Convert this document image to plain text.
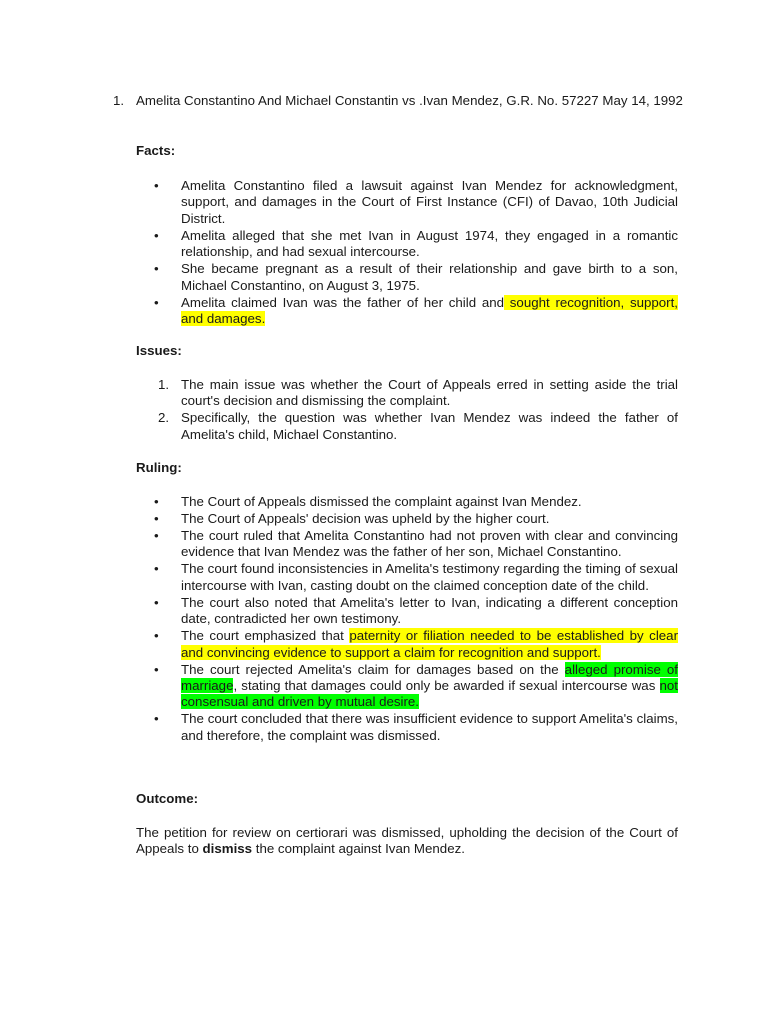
1. Amelita Constantino And Michael Constantin vs .Ivan Mendez, G.R. No. 57227 May 14, 1992
Facts:
• Amelita Constantino filed a lawsuit against Ivan Mendez for acknowledgment, support, and damages in the Court of First Instance (CFI) of Davao, 10th Judicial District.
• Amelita alleged that she met Ivan in August 1974, they engaged in a romantic relationship, and had sexual intercourse.
• She became pregnant as a result of their relationship and gave birth to a son, Michael Constantino, on August 3, 1975.
• Amelita claimed Ivan was the father of her child and sought recognition, support, and damages.
Issues:
1. The main issue was whether the Court of Appeals erred in setting aside the trial court's decision and dismissing the complaint.
2. Specifically, the question was whether Ivan Mendez was indeed the father of Amelita's child, Michael Constantino.
Ruling:
• The Court of Appeals dismissed the complaint against Ivan Mendez.
• The Court of Appeals' decision was upheld by the higher court.
• The court ruled that Amelita Constantino had not proven with clear and convincing evidence that Ivan Mendez was the father of her son, Michael Constantino.
• The court found inconsistencies in Amelita's testimony regarding the timing of sexual intercourse with Ivan, casting doubt on the claimed conception date of the child.
• The court also noted that Amelita's letter to Ivan, indicating a different conception date, contradicted her own testimony.
• The court emphasized that paternity or filiation needed to be established by clear and convincing evidence to support a claim for recognition and support.
• The court rejected Amelita's claim for damages based on the alleged promise of marriage, stating that damages could only be awarded if sexual intercourse was not consensual and driven by mutual desire.
• The court concluded that there was insufficient evidence to support Amelita's claims, and therefore, the complaint was dismissed.
Outcome:
The petition for review on certiorari was dismissed, upholding the decision of the Court of Appeals to dismiss the complaint against Ivan Mendez.
